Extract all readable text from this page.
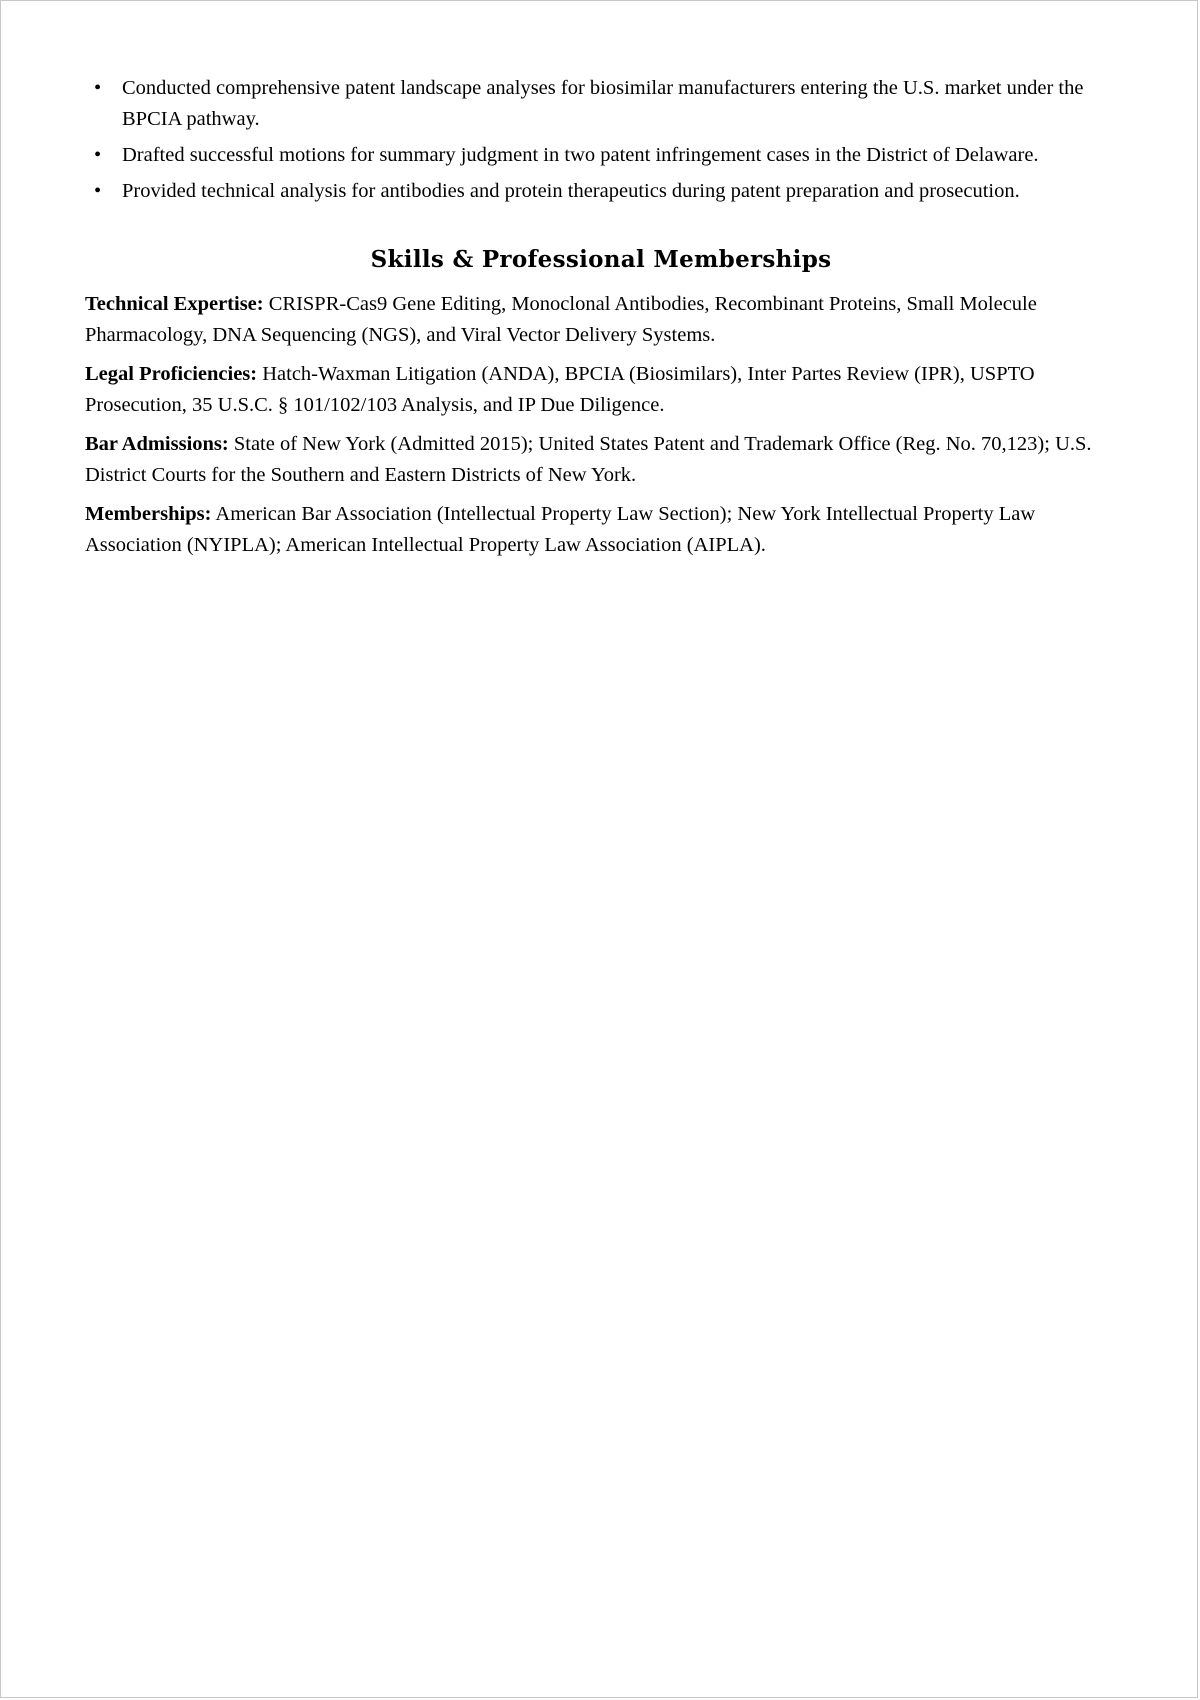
• Conducted comprehensive patent landscape analyses for biosimilar manufacturers entering the U.S. market under the BPCIA pathway.
• Drafted successful motions for summary judgment in two patent infringement cases in the District of Delaware.
• Provided technical analysis for antibodies and protein therapeutics during patent preparation and prosecution.
Skills & Professional Memberships
Technical Expertise: CRISPR-Cas9 Gene Editing, Monoclonal Antibodies, Recombinant Proteins, Small Molecule Pharmacology, DNA Sequencing (NGS), and Viral Vector Delivery Systems.
Legal Proficiencies: Hatch-Waxman Litigation (ANDA), BPCIA (Biosimilars), Inter Partes Review (IPR), USPTO Prosecution, 35 U.S.C. § 101/102/103 Analysis, and IP Due Diligence.
Bar Admissions: State of New York (Admitted 2015); United States Patent and Trademark Office (Reg. No. 70,123); U.S. District Courts for the Southern and Eastern Districts of New York.
Memberships: American Bar Association (Intellectual Property Law Section); New York Intellectual Property Law Association (NYIPLA); American Intellectual Property Law Association (AIPLA).
